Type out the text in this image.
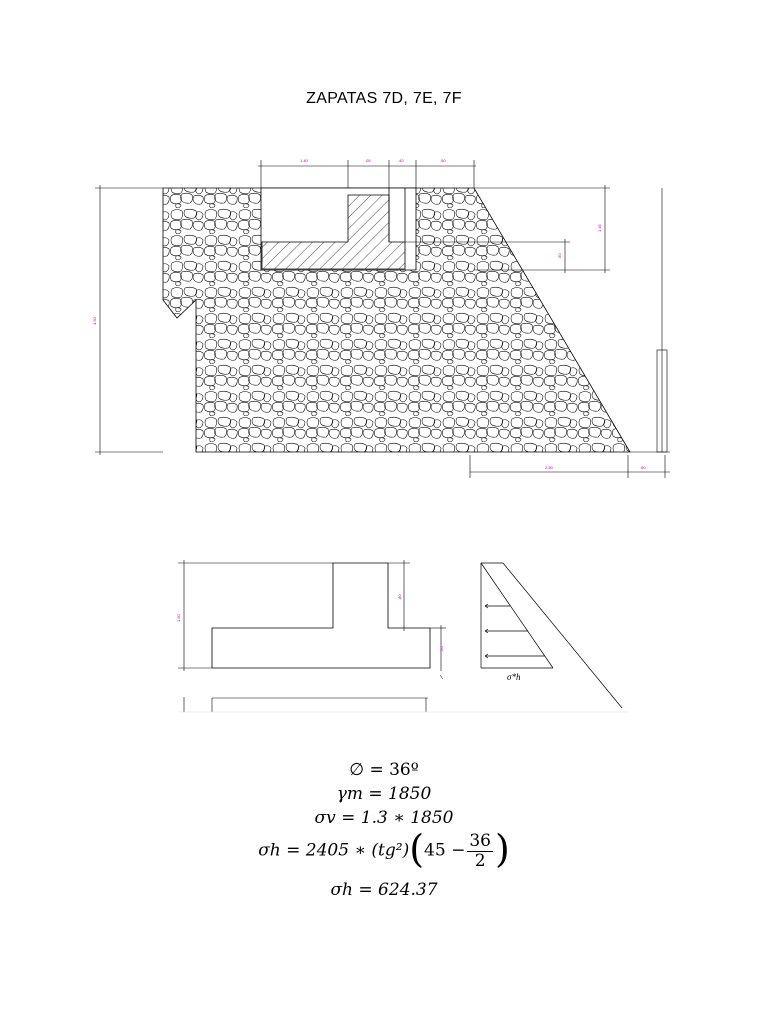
ZAPATAS 7D, 7E, 7F
1.40	.05	.40	.50
4.50
1.45
.50
2.50	.50
1.50
.80
.50
σ*h
∅ = 36º
γm = 1850
σv = 1.3 ∗ 1850
σh = 2405 ∗ $(tg^2)(45 - \frac{36}{2}$ )
σh = 624.37
